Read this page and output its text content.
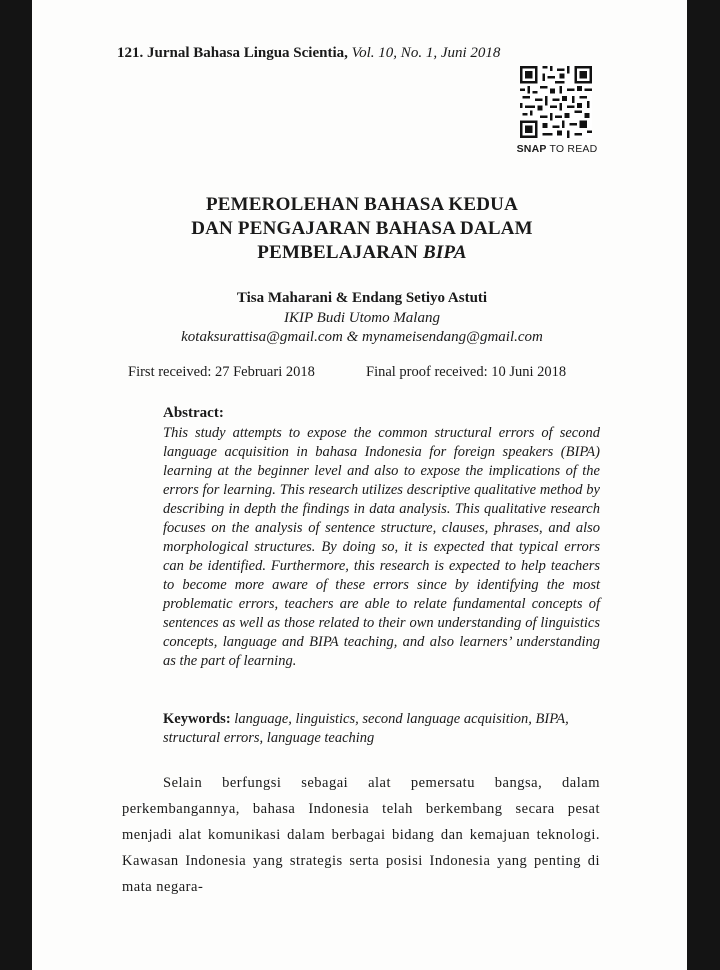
121. Jurnal Bahasa Lingua Scientia, Vol. 10, No. 1, Juni 2018
SNAP TO READ
PEMEROLEHAN BAHASA KEDUA
DAN PENGAJARAN BAHASA DALAM
PEMBELAJARAN BIPA
Tisa Maharani & Endang Setiyo Astuti
IKIP Budi Utomo Malang
kotaksurattisa@gmail.com & mynameisendang@gmail.com
First received: 27 Februari 2018	Final proof received: 10 Juni 2018
Abstract:
This study attempts to expose the common structural errors of second language acquisition in bahasa Indonesia for foreign speakers (BIPA) learning at the beginner level and also to expose the implications of the errors for learning. This research utilizes descriptive qualitative method by describing in depth the findings in data analysis. This qualitative research focuses on the analysis of sentence structure, clauses, phrases, and also morphological structures. By doing so, it is expected that typical errors can be identified. Furthermore, this research is expected to help teachers to become more aware of these errors since by identifying the most problematic errors, teachers are able to relate fundamental concepts of sentences as well as those related to their own understanding of linguistics concepts, language and BIPA teaching, and also learners’ understanding as the part of learning.
Keywords: language, linguistics, second language acquisition, BIPA, structural errors, language teaching
Selain berfungsi sebagai alat pemersatu bangsa, dalam perkembangannya, bahasa Indonesia telah berkembang secara pesat menjadi alat komunikasi dalam berbagai bidang dan kemajuan teknologi. Kawasan Indonesia yang strategis serta posisi Indonesia yang penting di mata negara-
